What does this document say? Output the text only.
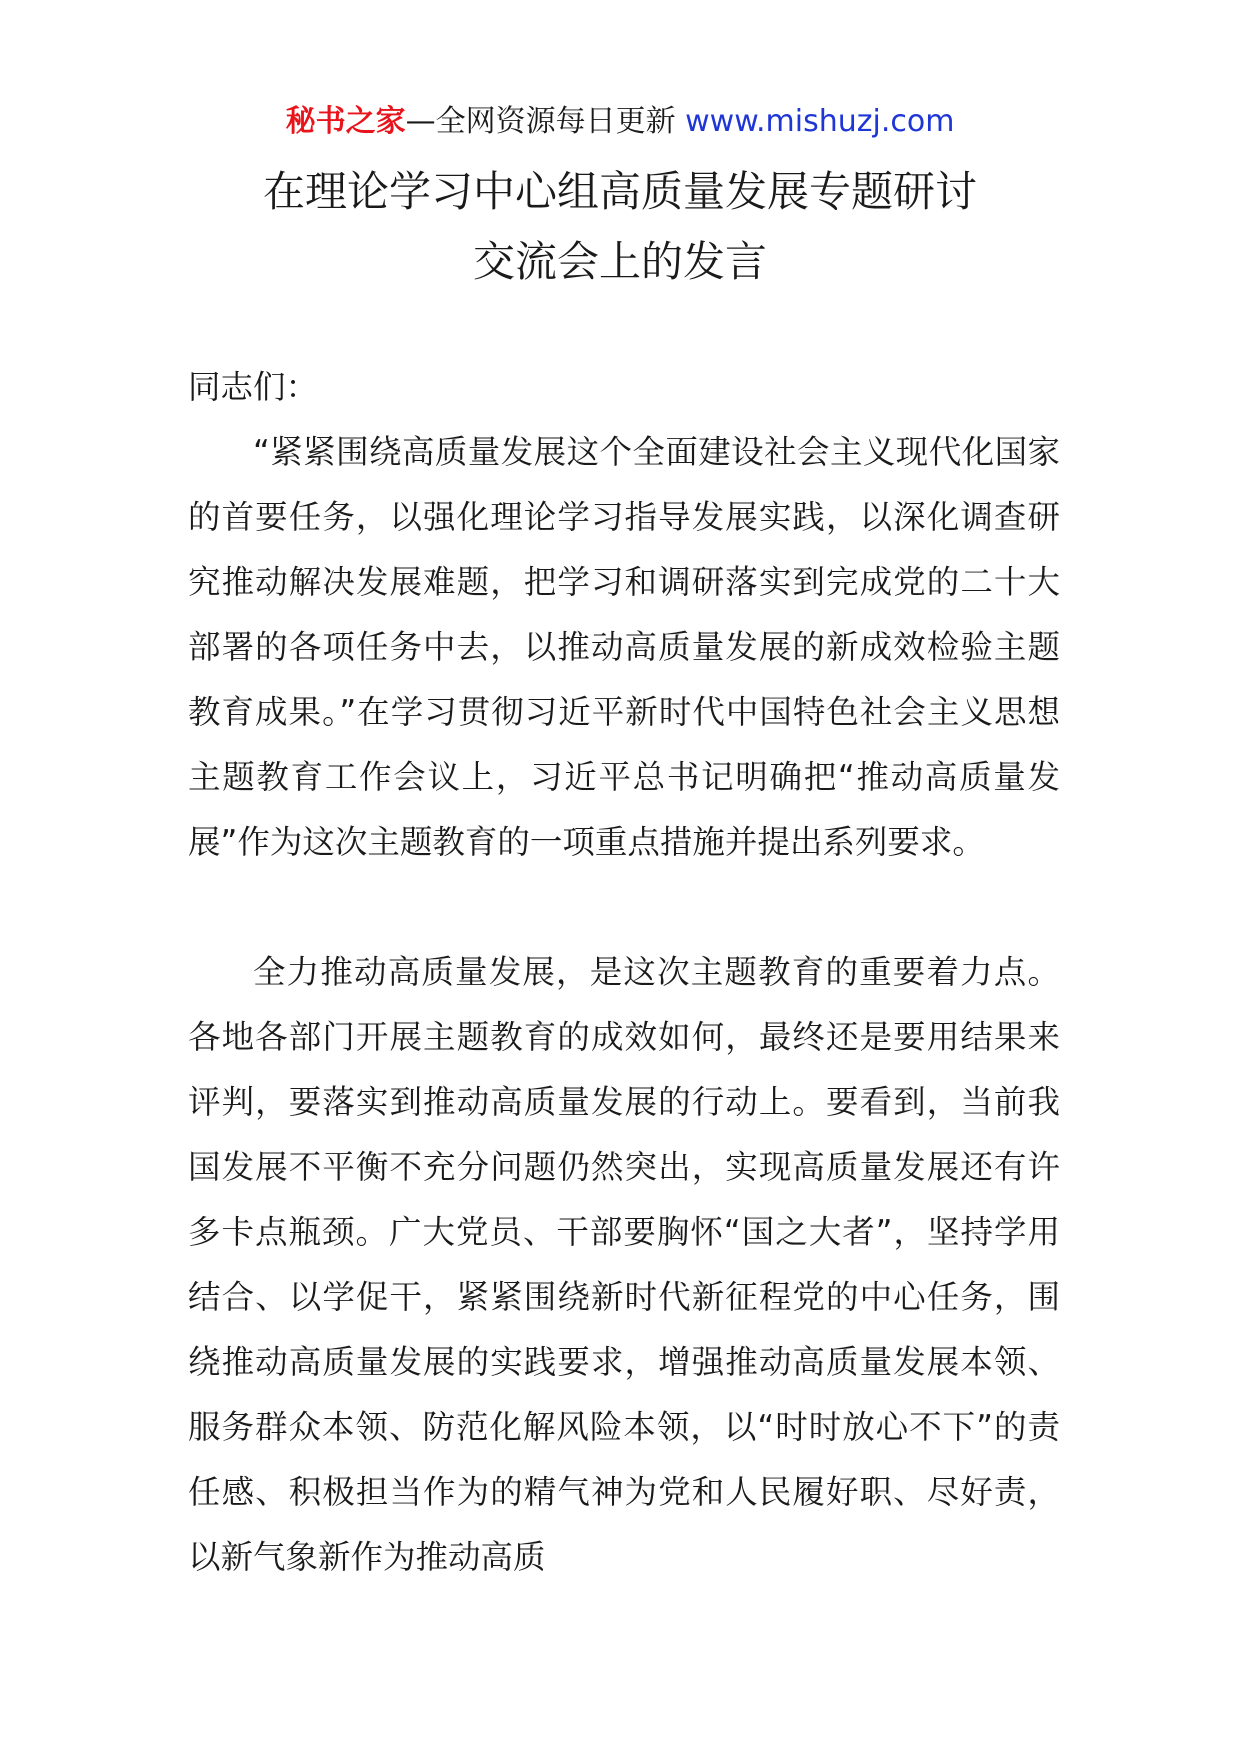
秘书之家—全网资源每日更新 www.mishuzj.com
在理论学习中心组高质量发展专题研讨
交流会上的发言

同志们：

“紧紧围绕高质量发展这个全面建设社会主义现代化国家的首要任务，以强化理论学习指导发展实践，以深化调查研究推动解决发展难题，把学习和调研落实到完成党的二十大部署的各项任务中去，以推动高质量发展的新成效检验主题教育成果。”在学习贯彻习近平新时代中国特色社会主义思想主题教育工作会议上，习近平总书记明确把“推动高质量发展”作为这次主题教育的一项重点措施并提出系列要求。

全力推动高质量发展，是这次主题教育的重要着力点。各地各部门开展主题教育的成效如何，最终还是要用结果来评判，要落实到推动高质量发展的行动上。要看到，当前我国发展不平衡不充分问题仍然突出，实现高质量发展还有许多卡点瓶颈。广大党员、干部要胸怀“国之大者”，坚持学用结合、以学促干，紧紧围绕新时代新征程党的中心任务，围绕推动高质量发展的实践要求，增强推动高质量发展本领、服务群众本领、防范化解风险本领，以“时时放心不下”的责任感、积极担当作为的精气神为党和人民履好职、尽好责，以新气象新作为推动高质
